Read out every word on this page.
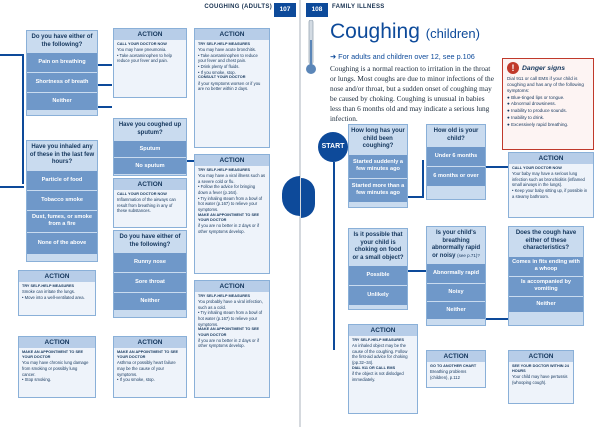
COUGHING (ADULTS)	107
Do you have either of the following?
Pain on breathing
Shortness of breath
Neither
ACTION
CALL YOUR DOCTOR NOW
You may have pneumonia.
• Take acetaminophen to help reduce your fever and pain.
Have you coughed up sputum?
Sputum
No sputum
ACTION
TRY SELF-HELP MEASURES
You may have acute bronchitis.
• Take acetaminophen to reduce your fever and chest pain.
• Drink plenty of fluids.
• If you smoke, stop.
CONSULT YOUR DOCTOR
if your symptoms worsen or if you are no better within 2 days.
ACTION
TRY SELF-HELP MEASURES
You may have a viral illness such as a severe cold or flu.
• Follow the advice for bringing down a fever (p.164).
• Try inhaling steam from a bowl of hot water (p.167) to relieve your symptoms.
MAKE AN APPOINTMENT TO SEE YOUR DOCTOR
if you are no better in 2 days or if other symptoms develop.
Have you inhaled any of these in the last few hours?
Particle of food
Tobacco smoke
Dust, fumes, or smoke from a fire
None of the above
ACTION
CALL YOUR DOCTOR NOW
Inflammation of the airways can result from breathing in any of these substances.
Do you have either of the following?
Runny nose
Sore throat
Neither
ACTION
TRY SELF-HELP MEASURES
Smoke can irritate the lungs.
• Move into a well-ventilated area.
ACTION
MAKE AN APPOINTMENT TO SEE YOUR DOCTOR
You may have chronic lung damage from smoking or possibly lung cancer.
• Stop smoking.
ACTION
MAKE AN APPOINTMENT TO SEE YOUR DOCTOR
Asthma or possibly heart failure may be the cause of your symptoms.
• If you smoke, stop.
ACTION
TRY SELF-HELP MEASURES
You probably have a viral infection, such as a cold.
• Try inhaling steam from a bowl of hot water (p.167) to relieve your symptoms.
MAKE AN APPOINTMENT TO SEE YOUR DOCTOR
if you are no better in 2 days or if other symptoms develop.
108	FAMILY ILLNESS
Coughing (children)
➜ For adults and children over 12, see p.106
Coughing is a normal reaction to irritation in the throat or lungs. Most coughs are due to minor infections of the nose and/or throat, but a sudden onset of coughing may be caused by choking. Coughing is unusual in babies less than 6 months old and may indicate a serious lung infection.
!	Danger signs
Dial 911 or call EMS if your child is coughing and has any of the following symptoms:
● Blue-tinged lips or tongue.
● Abnormal drowsiness.
● Inability to produce sounds.
● Inability to drink.
● Excessively rapid breathing.
START
How long has your child been coughing?
Started suddenly a few minutes ago
Started more than a few minutes ago
How old is your child?
Under 6 months
6 months or over
ACTION
CALL YOUR DOCTOR NOW
Your baby may have a serious lung infection such as bronchiolitis (inflamed small airways in the lungs).
• Keep your baby sitting up, if possible in a steamy bathroom.
Is it possible that your child is choking on food or a small object?
Possible
Unlikely
Is your child's breathing abnormally rapid or noisy (see p.71)?
Abnormally rapid
Noisy
Neither
Does the cough have either of these characteristics?
Comes in fits ending with a whoop
Is accompanied by vomiting
Neither
ACTION
TRY SELF-HELP MEASURES
An inhaled object may be the cause of the coughing. Follow the first-aid advice for choking (pp.32–34).
DIAL 911 OR CALL EMS
if the object is not dislodged immediately.
ACTION
GO TO ANOTHER CHART
Breathing problems (children), p.112
ACTION
SEE YOUR DOCTOR WITHIN 24 HOURS
Your child may have pertussis (whooping cough).
